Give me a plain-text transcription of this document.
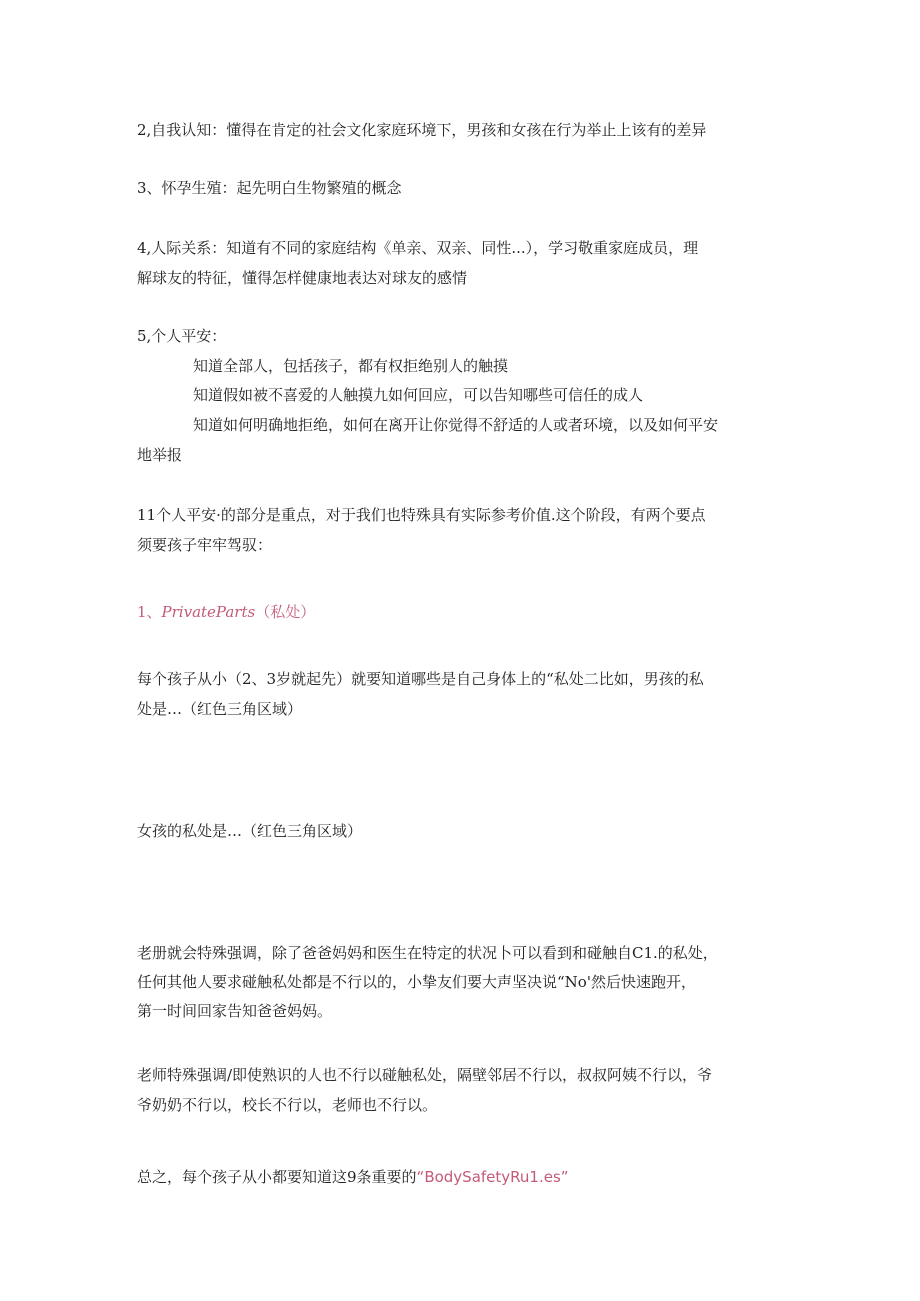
2,自我认知：懂得在肯定的社会文化家庭环境下，男孩和女孩在行为举止上该有的差异

3、怀孕生殖：起先明白生物繁殖的概念

4,人际关系：知道有不同的家庭结构《单亲、双亲、同性...），学习敬重家庭成员，理

解球友的特征，懂得怎样健康地表达对球友的感情

5,个人平安：

知道全部人，包括孩子，都有权拒绝别人的触摸

知道假如被不喜爱的人触摸九如何回应，可以告知哪些可信任的成人

知道如何明确地拒绝，如何在离开让你觉得不舒适的人或者环境，以及如何平安

地举报

11个人平安·的部分是重点，对于我们也特殊具有实际参考价值.这个阶段，有两个要点

须要孩子牢牢驾驭：

1、PrivateParts（私处）

每个孩子从小（2、3岁就起先）就要知道哪些是自己身体上的“私处二比如，男孩的私

处是…（红色三角区域）

女孩的私处是…（红色三角区域）

老册就会特殊强调，除了爸爸妈妈和医生在特定的状况卜可以看到和碰触自C1.的私处，

任何其他人要求碰触私处都是不行以的，小挚友们要大声坚决说“No'然后快速跑开，

第一时间回家告知爸爸妈妈。

老师特殊强调/即使熟识的人也不行以碰触私处，隔壁邻居不行以，叔叔阿姨不行以，爷

爷奶奶不行以，校长不行以，老师也不行以。

总之，每个孩子从小都要知道这9条重要的“BodySafetyRu1.es”
